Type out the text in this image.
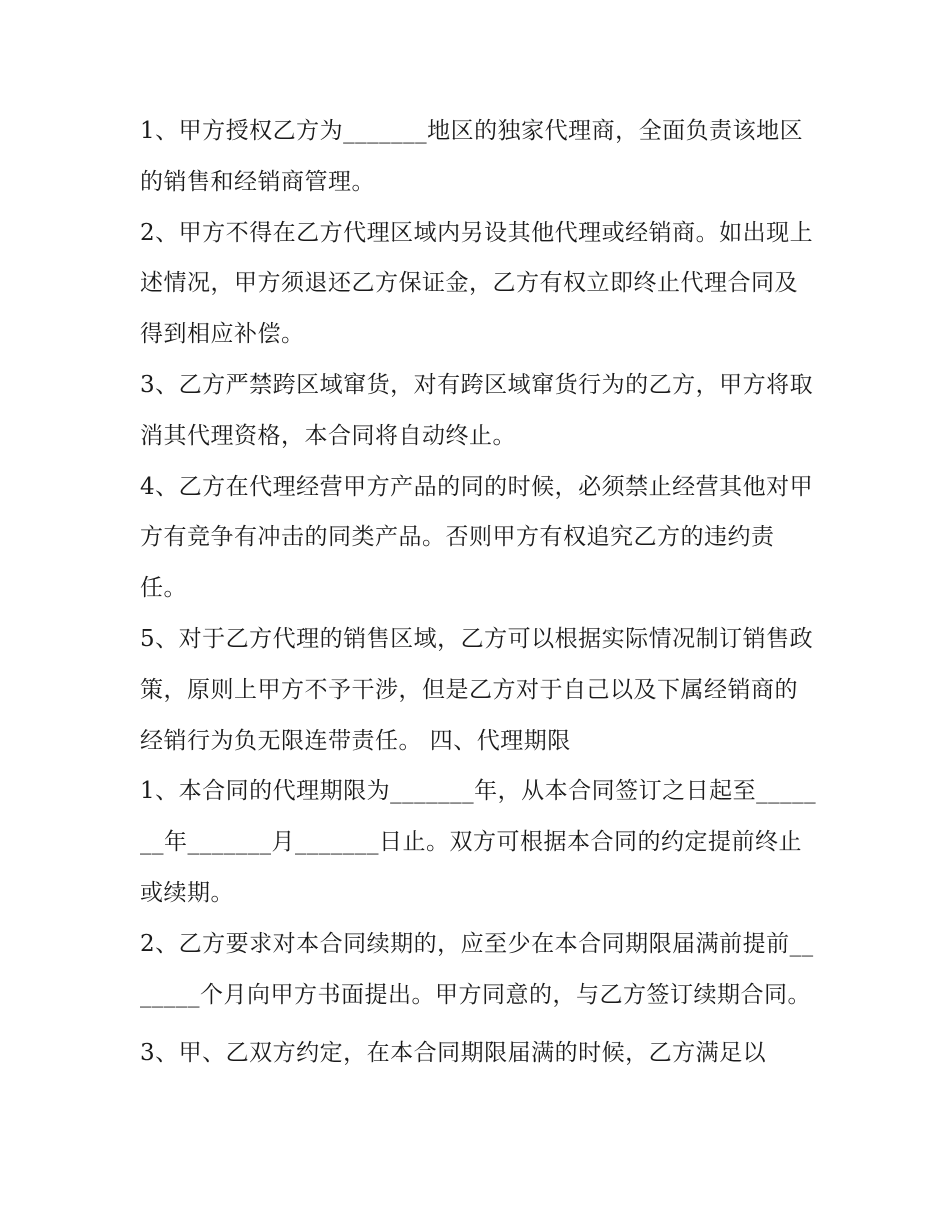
1、甲方授权乙方为_______地区的独家代理商，全面负责该地区的销售和经销商管理。

2、甲方不得在乙方代理区域内另设其他代理或经销商。如出现上述情况，甲方须退还乙方保证金，乙方有权立即终止代理合同及得到相应补偿。

3、乙方严禁跨区域窜货，对有跨区域窜货行为的乙方，甲方将取消其代理资格，本合同将自动终止。

4、乙方在代理经营甲方产品的同的时候，必须禁止经营其他对甲方有竞争有冲击的同类产品。否则甲方有权追究乙方的违约责任。

5、对于乙方代理的销售区域，乙方可以根据实际情况制订销售政策，原则上甲方不予干涉，但是乙方对于自己以及下属经销商的经销行为负无限连带责任。 四、代理期限

1、本合同的代理期限为_______年，从本合同签订之日起至_______年_______月_______日止。双方可根据本合同的约定提前终止或续期。

2、乙方要求对本合同续期的，应至少在本合同期限届满前提前_______个月向甲方书面提出。甲方同意的，与乙方签订续期合同。

3、甲、乙双方约定，在本合同期限届满的时候，乙方满足以
